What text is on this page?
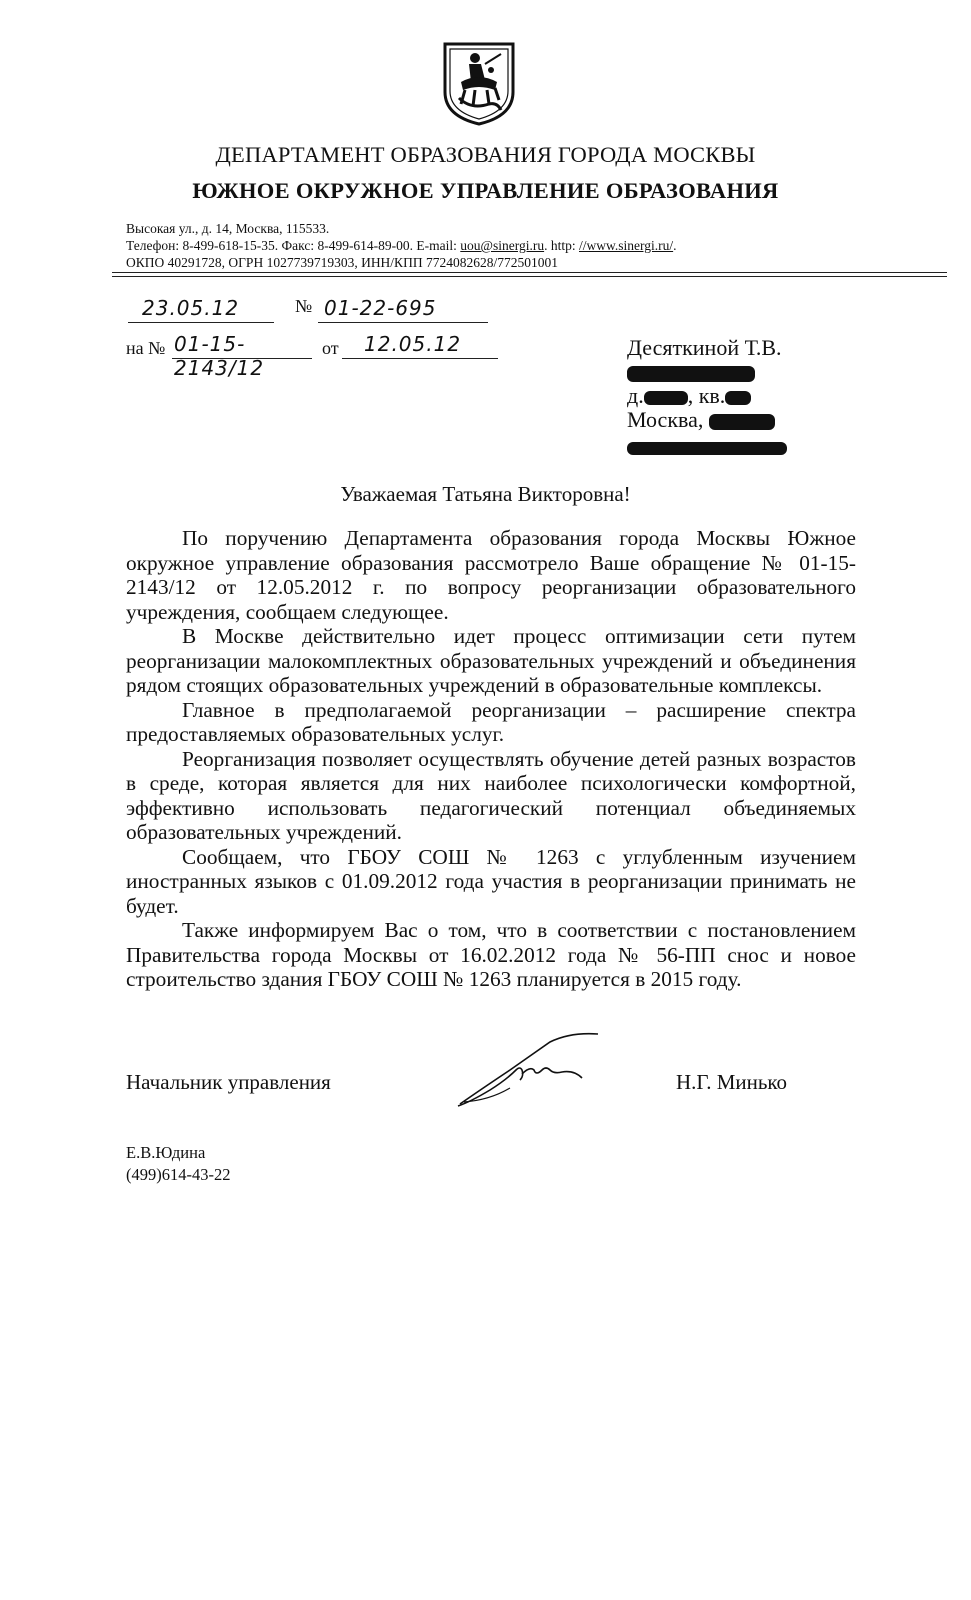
ДЕПАРТАМЕНТ ОБРАЗОВАНИЯ ГОРОДА МОСКВЫ
ЮЖНОЕ ОКРУЖНОЕ УПРАВЛЕНИЕ ОБРАЗОВАНИЯ
Высокая ул., д. 14, Москва, 115533.
Телефон: 8-499-618-15-35. Факс: 8-499-614-89-00. E-mail: uou@sinergi.ru. http: //www.sinergi.ru/.
ОКПО 40291728, ОГРН 1027739719303, ИНН/КПП 7724082628/772501001
23.05.12	№ 01-22-695
на № 01-15-2143/12
от 12.05.12	Десяткиной Т.В.
д. , кв.
Москва,
Уважаемая Татьяна Викторовна!

По поручению Департамента образования города Москвы Южное окружное управление образования рассмотрело Ваше обращение № 01-15-2143/12 от 12.05.2012 г. по вопросу реорганизации образовательного учреждения, сообщаем следующее.

В Москве действительно идет процесс оптимизации сети путем реорганизации малокомплектных образовательных учреждений и объединения рядом стоящих образовательных учреждений в образовательные комплексы.

Главное в предполагаемой реорганизации – расширение спектра предоставляемых образовательных услуг.

Реорганизация позволяет осуществлять обучение детей разных возрастов в среде, которая является для них наиболее психологически комфортной, эффективно использовать педагогический потенциал объединяемых образовательных учреждений.

Сообщаем, что ГБОУ СОШ № 1263 с углубленным изучением иностранных языков с 01.09.2012 года участия в реорганизации принимать не будет.

Также информируем Вас о том, что в соответствии с постановлением Правительства города Москвы от 16.02.2012 года № 56-ПП снос и новое строительство здания ГБОУ СОШ № 1263 планируется в 2015 году.

Начальник управления	Н.Г. Минько
Е.В.Юдина
(499)614-43-22
